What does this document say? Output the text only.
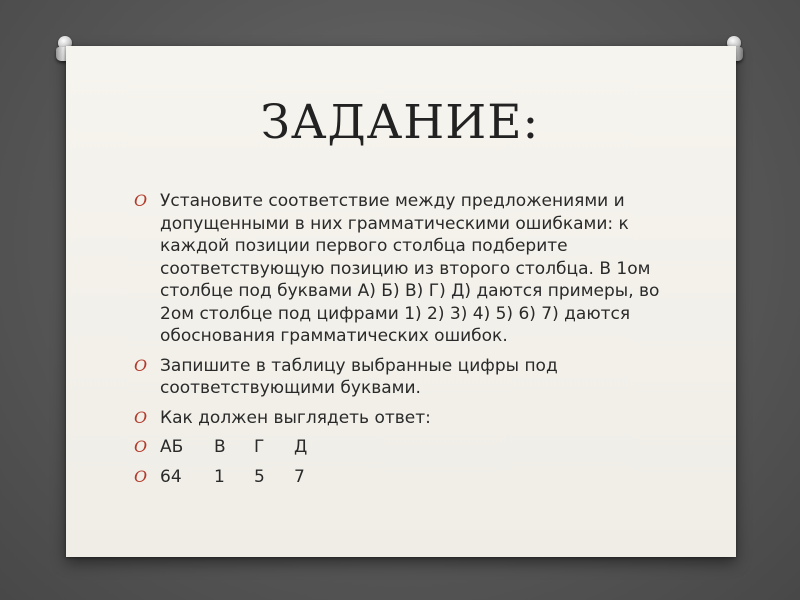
ЗАДАНИЕ:
O Установите соответствие между предложениями и допущенными в них грамматическими ошибками: к каждой позиции первого столбца подберите соответствующую позицию из второго столбца. В 1ом столбце под буквами А) Б) В) Г) Д) даются примеры, во 2ом столбце под цифрами 1) 2) 3) 4) 5) 6) 7) даются обоснования грамматических ошибок.
O Запишите в таблицу выбранные цифры под соответствующими буквами.
O Как должен выглядеть ответ:
O АБ В Г Д
O 64 1 5 7
